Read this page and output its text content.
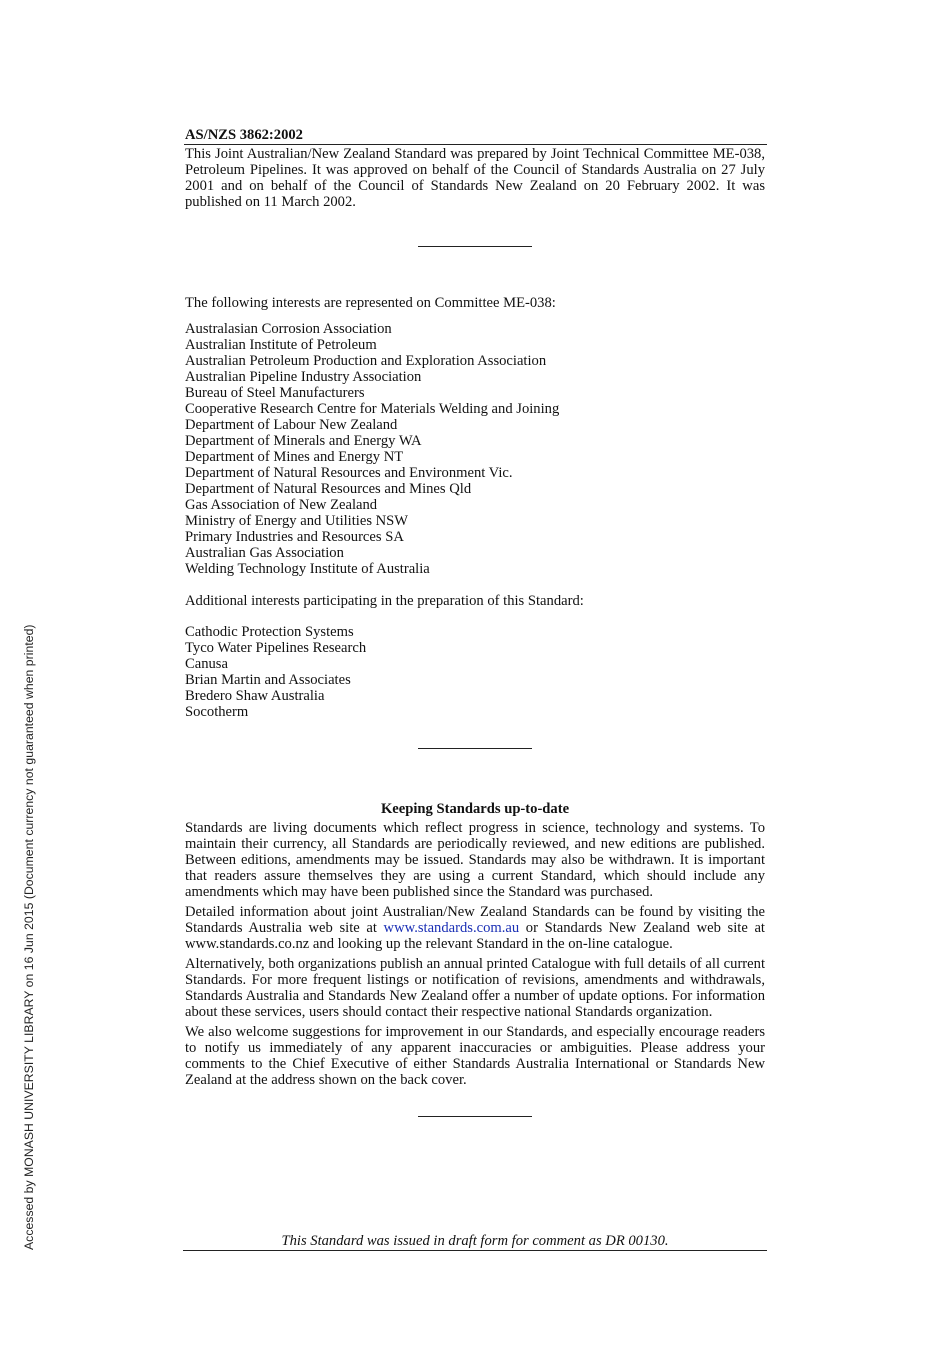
Accessed by MONASH UNIVERSITY LIBRARY on 16 Jun 2015 (Document currency not guaranteed when printed)
AS/NZS 3862:2002

This Joint Australian/New Zealand Standard was prepared by Joint Technical Committee ME-038, Petroleum Pipelines. It was approved on behalf of the Council of Standards Australia on 27 July 2001 and on behalf of the Council of Standards New Zealand on 20 February 2002. It was published on 11 March 2002.

The following interests are represented on Committee ME-038:

Australasian Corrosion Association
Australian Institute of Petroleum
Australian Petroleum Production and Exploration Association
Australian Pipeline Industry Association
Bureau of Steel Manufacturers
Cooperative Research Centre for Materials Welding and Joining
Department of Labour New Zealand
Department of Minerals and Energy WA
Department of Mines and Energy NT
Department of Natural Resources and Environment Vic.
Department of Natural Resources and Mines Qld
Gas Association of New Zealand
Ministry of Energy and Utilities NSW
Primary Industries and Resources SA
Australian Gas Association
Welding Technology Institute of Australia

Additional interests participating in the preparation of this Standard:

Cathodic Protection Systems
Tyco Water Pipelines Research
Canusa
Brian Martin and Associates
Bredero Shaw Australia
Socotherm
Keeping Standards up-to-date

Standards are living documents which reflect progress in science, technology and systems. To maintain their currency, all Standards are periodically reviewed, and new editions are published. Between editions, amendments may be issued. Standards may also be withdrawn. It is important that readers assure themselves they are using a current Standard, which should include any amendments which may have been published since the Standard was purchased.

Detailed information about joint Australian/New Zealand Standards can be found by visiting the Standards Australia web site at www.standards.com.au or Standards New Zealand web site at www.standards.co.nz and looking up the relevant Standard in the on-line catalogue.

Alternatively, both organizations publish an annual printed Catalogue with full details of all current Standards. For more frequent listings or notification of revisions, amendments and withdrawals, Standards Australia and Standards New Zealand offer a number of update options. For information about these services, users should contact their respective national Standards organization.

We also welcome suggestions for improvement in our Standards, and especially encourage readers to notify us immediately of any apparent inaccuracies or ambiguities. Please address your comments to the Chief Executive of either Standards Australia International or Standards New Zealand at the address shown on the back cover.

This Standard was issued in draft form for comment as DR 00130.
